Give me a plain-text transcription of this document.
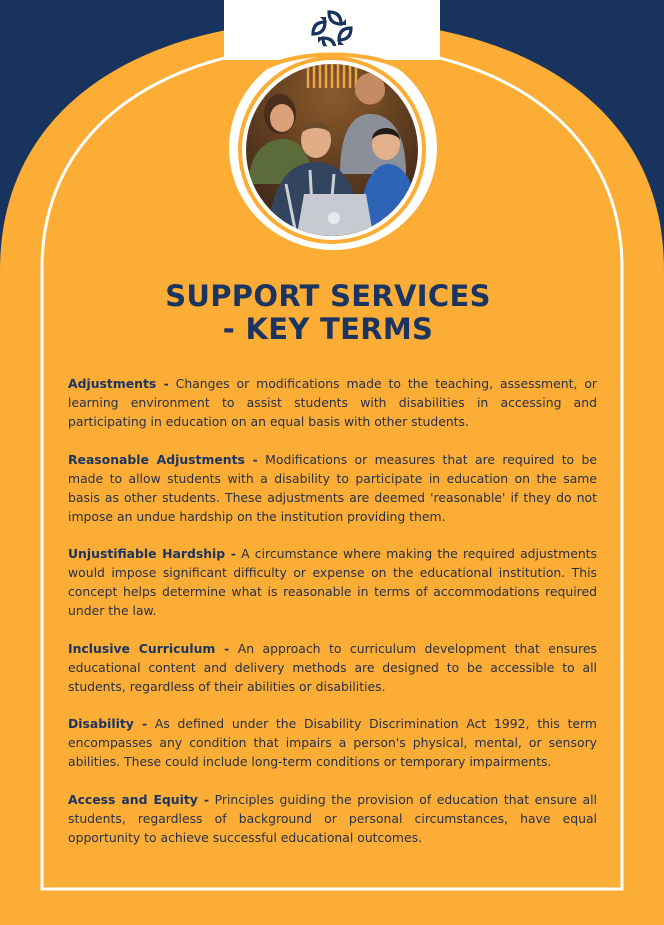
SUPPORT SERVICES
- KEY TERMS

Adjustments - Changes or modifications made to the teaching, assessment, or learning environment to assist students with disabilities in accessing and participating in education on an equal basis with other students.

Reasonable Adjustments - Modifications or measures that are required to be made to allow students with a disability to participate in education on the same basis as other students. These adjustments are deemed 'reasonable' if they do not impose an undue hardship on the institution providing them.

Unjustifiable Hardship - A circumstance where making the required adjustments would impose significant difficulty or expense on the educational institution. This concept helps determine what is reasonable in terms of accommodations required under the law.

Inclusive Curriculum - An approach to curriculum development that ensures educational content and delivery methods are designed to be accessible to all students, regardless of their abilities or disabilities.

Disability - As defined under the Disability Discrimination Act 1992, this term encompasses any condition that impairs a person's physical, mental, or sensory abilities. These could include long-term conditions or temporary impairments.

Access and Equity - Principles guiding the provision of education that ensure all students, regardless of background or personal circumstances, have equal opportunity to achieve successful educational outcomes.
